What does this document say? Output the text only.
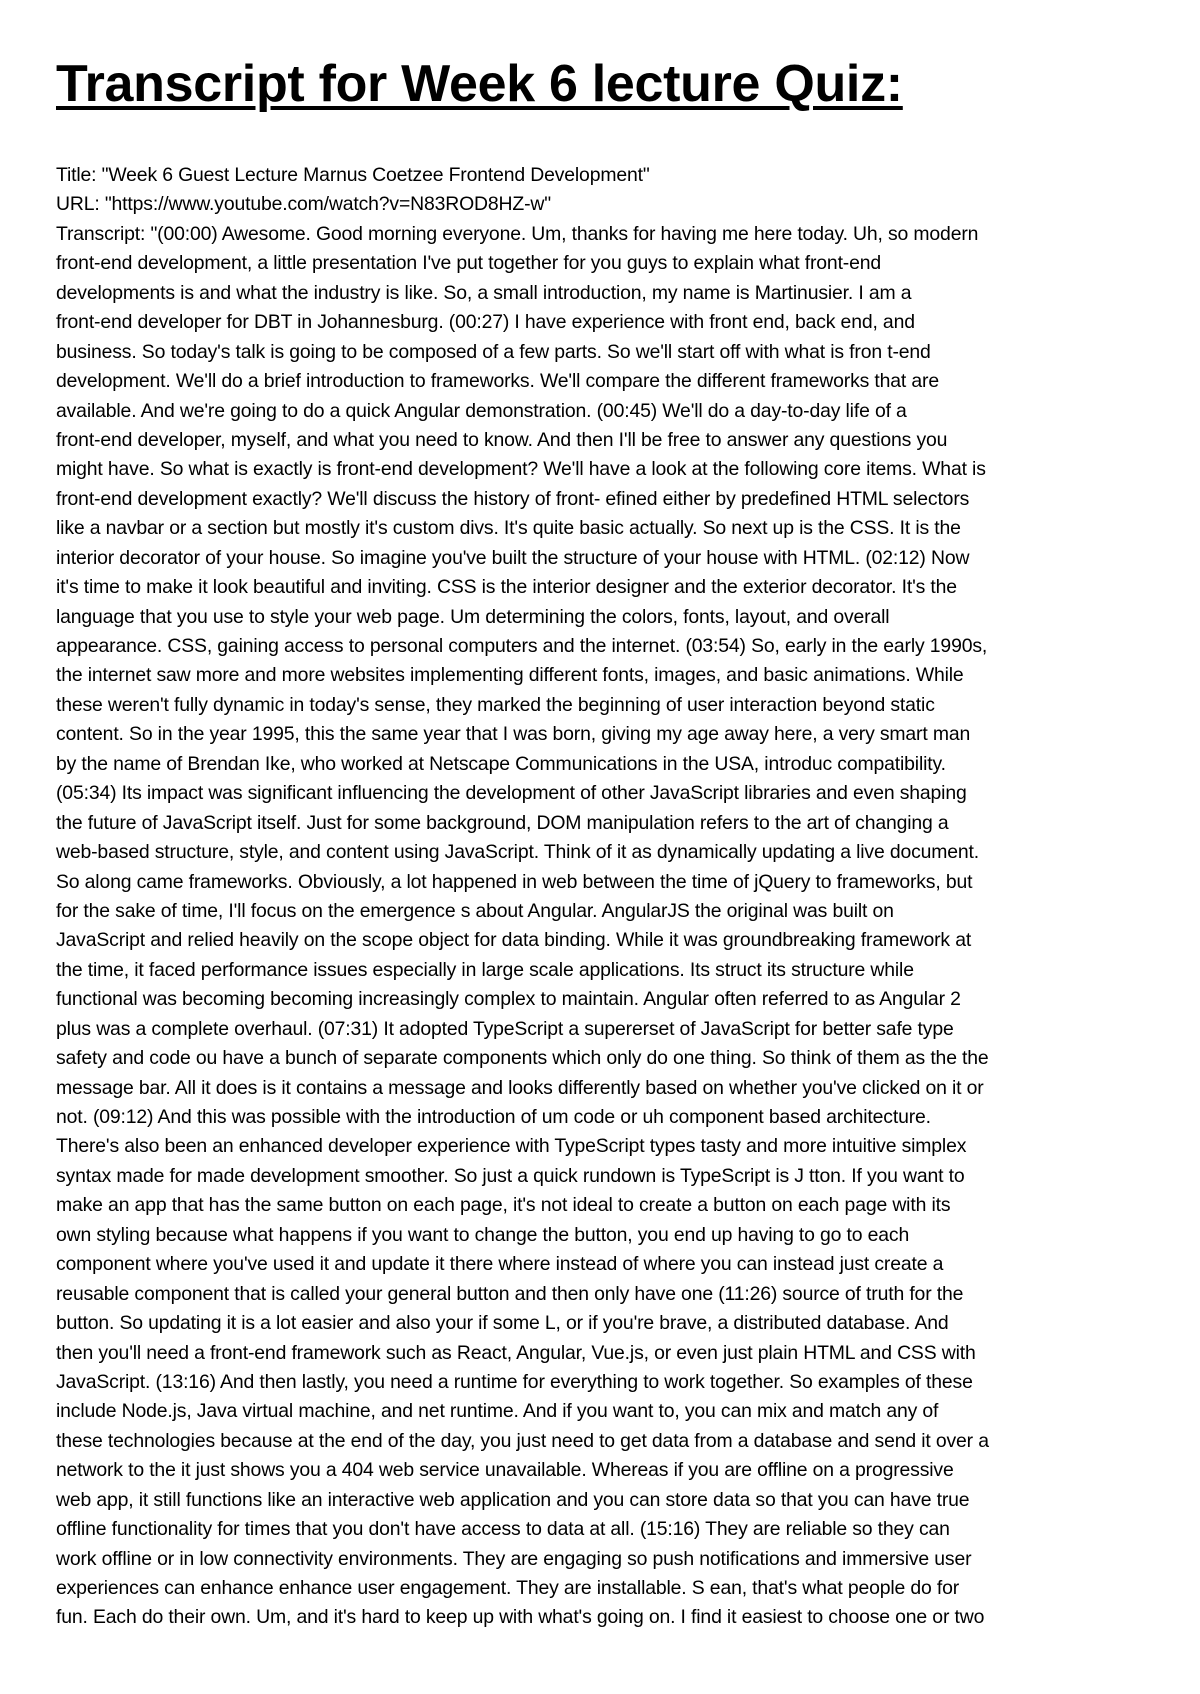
Transcript for Week 6 lecture Quiz:
Title: "Week 6 Guest Lecture Marnus Coetzee Frontend Development"
URL: "https://www.youtube.com/watch?v=N83ROD8HZ-w"
Transcript: "(00:00) Awesome. Good morning everyone. Um, thanks for having me here today. Uh, so modern
front-end development, a little presentation I've put together for you guys to explain what front-end
developments is and what the industry is like. So, a small introduction, my name is Martinusier. I am a
front-end developer for DBT in Johannesburg. (00:27) I have experience with front end, back end, and
business. So today's talk is going to be composed of a few parts. So we'll start off with what is fron t-end
development. We'll do a brief introduction to frameworks. We'll compare the different frameworks that are
available. And we're going to do a quick Angular demonstration. (00:45) We'll do a day-to-day life of a
front-end developer, myself, and what you need to know. And then I'll be free to answer any questions you
might have. So what is exactly is front-end development? We'll have a look at the following core items. What is
front-end development exactly? We'll discuss the history of front- efined either by predefined HTML selectors
like a navbar or a section but mostly it's custom divs. It's quite basic actually. So next up is the CSS. It is the
interior decorator of your house. So imagine you've built the structure of your house with HTML. (02:12) Now
it's time to make it look beautiful and inviting. CSS is the interior designer and the exterior decorator. It's the
language that you use to style your web page. Um determining the colors, fonts, layout, and overall
appearance. CSS, gaining access to personal computers and the internet. (03:54) So, early in the early 1990s,
the internet saw more and more websites implementing different fonts, images, and basic animations. While
these weren't fully dynamic in today's sense, they marked the beginning of user interaction beyond static
content. So in the year 1995, this the same year that I was born, giving my age away here, a very smart man
by the name of Brendan Ike, who worked at Netscape Communications in the USA, introduc compatibility.
(05:34) Its impact was significant influencing the development of other JavaScript libraries and even shaping
the future of JavaScript itself. Just for some background, DOM manipulation refers to the art of changing a
web-based structure, style, and content using JavaScript. Think of it as dynamically updating a live document.
So along came frameworks. Obviously, a lot happened in web between the time of jQuery to frameworks, but
for the sake of time, I'll focus on the emergence s about Angular. AngularJS the original was built on
JavaScript and relied heavily on the scope object for data binding. While it was groundbreaking framework at
the time, it faced performance issues especially in large scale applications. Its struct its structure while
functional was becoming becoming increasingly complex to maintain. Angular often referred to as Angular 2
plus was a complete overhaul. (07:31) It adopted TypeScript a supererset of JavaScript for better safe type
safety and code ou have a bunch of separate components which only do one thing. So think of them as the the
message bar. All it does is it contains a message and looks differently based on whether you've clicked on it or
not. (09:12) And this was possible with the introduction of um code or uh component based architecture.
There's also been an enhanced developer experience with TypeScript types tasty and more intuitive simplex
syntax made for made development smoother. So just a quick rundown is TypeScript is J tton. If you want to
make an app that has the same button on each page, it's not ideal to create a button on each page with its
own styling because what happens if you want to change the button, you end up having to go to each
component where you've used it and update it there where instead of where you can instead just create a
reusable component that is called your general button and then only have one (11:26) source of truth for the
button. So updating it is a lot easier and also your if some L, or if you're brave, a distributed database. And
then you'll need a front-end framework such as React, Angular, Vue.js, or even just plain HTML and CSS with
JavaScript. (13:16) And then lastly, you need a runtime for everything to work together. So examples of these
include Node.js, Java virtual machine, and net runtime. And if you want to, you can mix and match any of
these technologies because at the end of the day, you just need to get data from a database and send it over a
network to the it just shows you a 404 web service unavailable. Whereas if you are offline on a progressive
web app, it still functions like an interactive web application and you can store data so that you can have true
offline functionality for times that you don't have access to data at all. (15:16) They are reliable so they can
work offline or in low connectivity environments. They are engaging so push notifications and immersive user
experiences can enhance enhance user engagement. They are installable. S ean, that's what people do for
fun. Each do their own. Um, and it's hard to keep up with what's going on. I find it easiest to choose one or two
